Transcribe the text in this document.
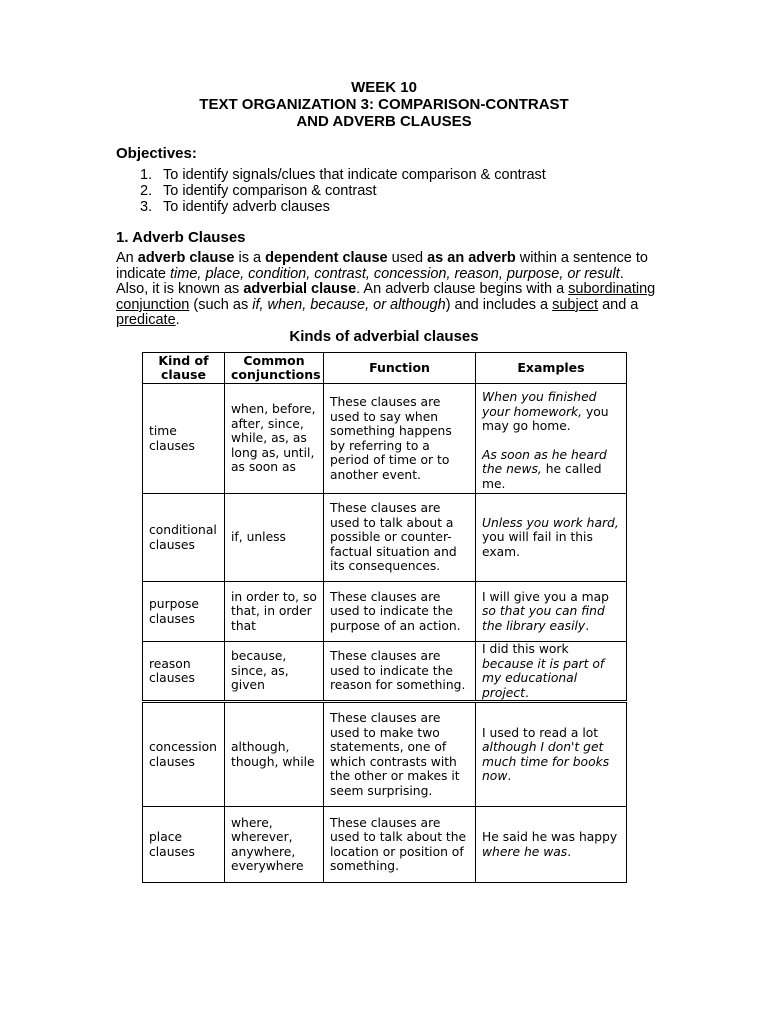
WEEK 10
TEXT ORGANIZATION 3: COMPARISON-CONTRAST
AND ADVERB CLAUSES
Objectives:
1. To identify signals/clues that indicate comparison & contrast
2. To identify comparison & contrast
3. To identify adverb clauses
1. Adverb Clauses

An adverb clause is a dependent clause used as an adverb within a sentence to indicate time, place, condition, contrast, concession, reason, purpose, or result. Also, it is known as adverbial clause. An adverb clause begins with a subordinating conjunction (such as if, when, because, or although) and includes a subject and a predicate.

Kinds of adverbial clauses
Kind of clause	Common conjunctions	Function	Examples
time clauses	when, before, after, since, while, as, as long as, until, as soon as	These clauses are used to say when something happens by referring to a period of time or to another event.	When you finished your homework, you may go home.
As soon as he heard the news, he called me.

conditional clauses	if, unless	These clauses are used to talk about a possible or counter-factual situation and its consequences.	Unless you work hard, you will fail in this exam.
purpose clauses	in order to, so that, in order that	These clauses are used to indicate the purpose of an action.	I will give you a map so that you can find the library easily.
reason clauses	because, since, as, given	These clauses are used to indicate the reason for something.	I did this work because it is part of my educational project.
concession clauses	although, though, while	These clauses are used to make two statements, one of which contrasts with the other or makes it seem surprising.	I used to read a lot although I don't get much time for books now.
place clauses	where, wherever, anywhere, everywhere	These clauses are used to talk about the location or position of something.	He said he was happy where he was.
